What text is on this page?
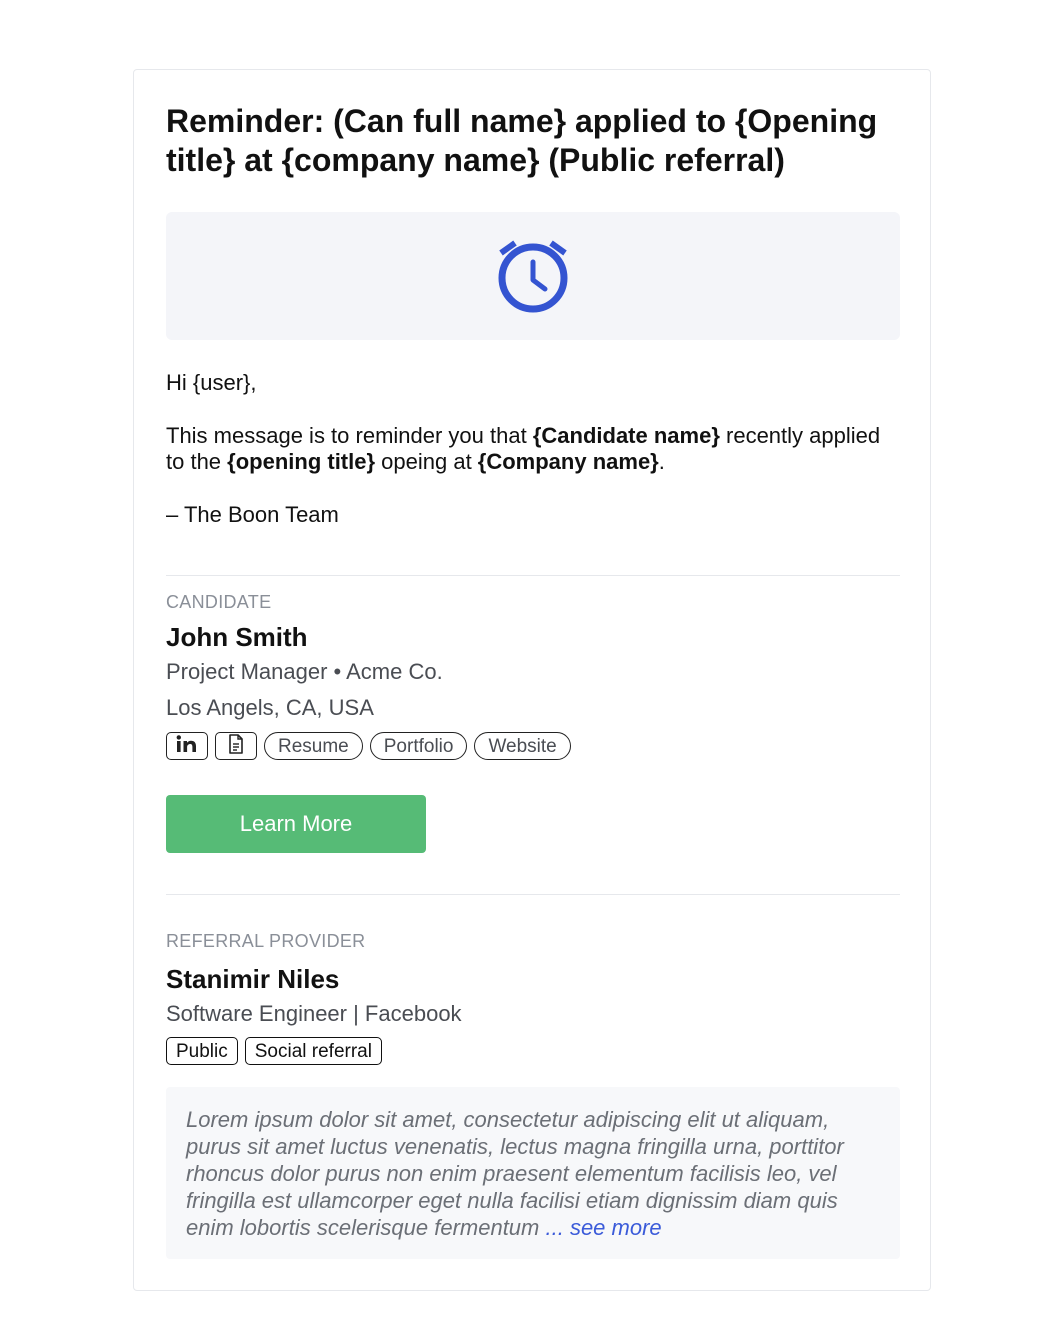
Reminder: (Can full name} applied to {Opening title} at {company name} (Public referral)

Hi {user},

This message is to reminder you that {Candidate name} recently applied to the {opening title} opeing at {Company name}.

– The Boon Team

CANDIDATE
John Smith
Project Manager • Acme Co.
Los Angels, CA, USA
Resume	Portfolio	Website
Learn More
REFERRAL PROVIDER
Stanimir Niles
Software Engineer | Facebook
Public	Social referral
Lorem ipsum dolor sit amet, consectetur adipiscing elit ut aliquam, purus sit amet luctus venenatis, lectus magna fringilla urna, porttitor rhoncus dolor purus non enim praesent elementum facilisis leo, vel fringilla est ullamcorper eget nulla facilisi etiam dignissim diam quis enim lobortis scelerisque fermentum ... see more
